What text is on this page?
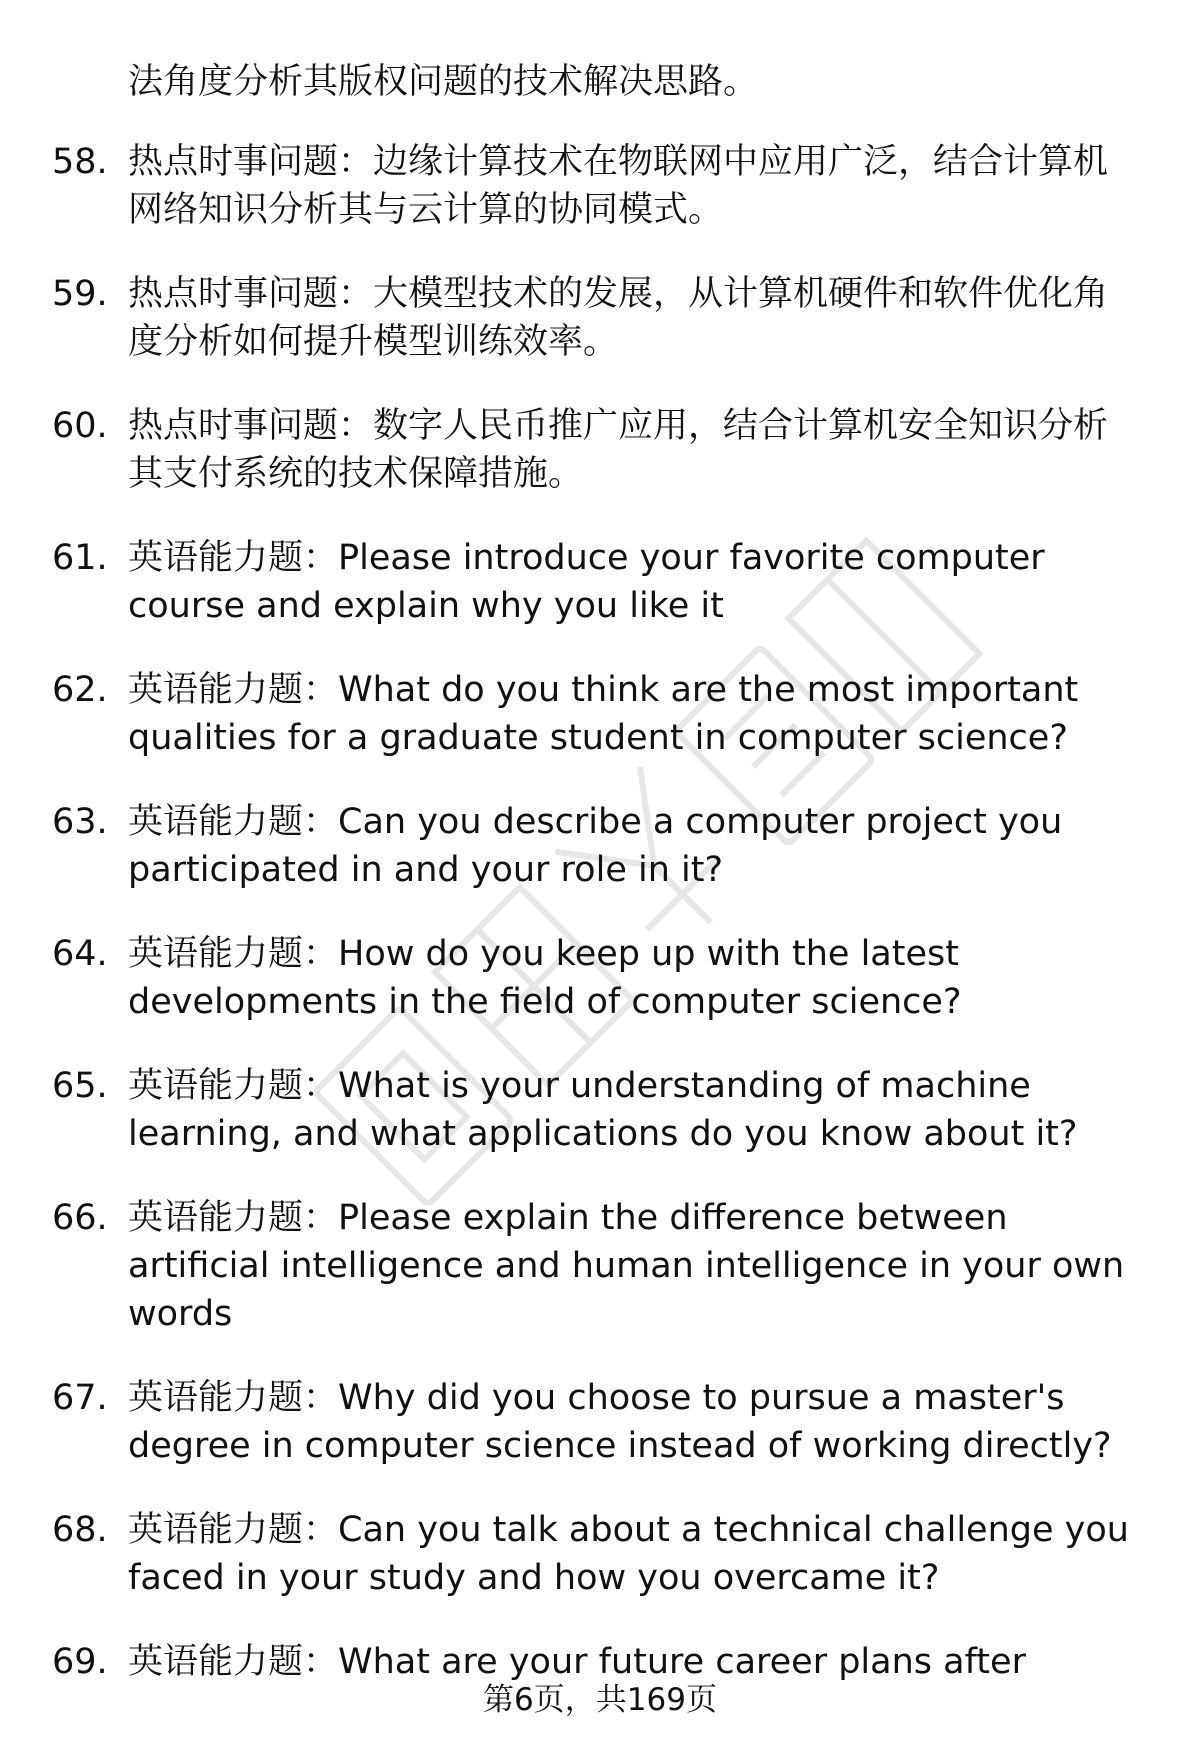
法角度分析其版权问题的技术解决思路。
58. 热点时事问题：边缘计算技术在物联网中应用广泛，结合计算机网络知识分析其与云计算的协同模式。
59. 热点时事问题：大模型技术的发展，从计算机硬件和软件优化角度分析如何提升模型训练效率。
60. 热点时事问题：数字人民币推广应用，结合计算机安全知识分析其支付系统的技术保障措施。
61. 英语能力题：Please introduce your favorite computer course and explain why you like it
62. 英语能力题：What do you think are the most important qualities for a graduate student in computer science?
63. 英语能力题：Can you describe a computer project you participated in and your role in it?
64. 英语能力题：How do you keep up with the latest developments in the field of computer science?
65. 英语能力题：What is your understanding of machine learning, and what applications do you know about it?
66. 英语能力题：Please explain the difference between artificial intelligence and human intelligence in your own words
67. 英语能力题：Why did you choose to pursue a master's degree in computer science instead of working directly?
68. 英语能力题：Can you talk about a technical challenge you faced in your study and how you overcame it?
69. 英语能力题：What are your future career plans after
第6页，共169页
